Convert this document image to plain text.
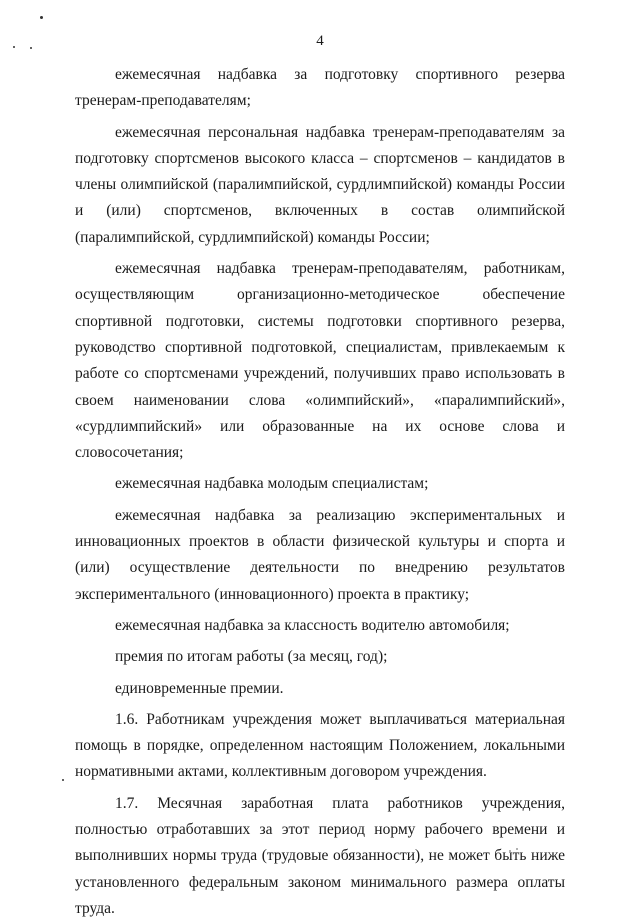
4

ежемесячная надбавка за подготовку спортивного резерва тренерам-преподавателям;

ежемесячная персональная надбавка тренерам-преподавателям за подготовку спортсменов высокого класса – спортсменов – кандидатов в члены олимпийской (паралимпийской, сурдлимпийской) команды России и (или) спортсменов, включенных в состав олимпийской (паралимпийской, сурдлимпийской) команды России;

ежемесячная надбавка тренерам-преподавателям, работникам, осуществляющим организационно-методическое обеспечение спортивной подготовки, системы подготовки спортивного резерва, руководство спортивной подготовкой, специалистам, привлекаемым к работе со спортсменами учреждений, получивших право использовать в своем наименовании слова «олимпийский», «паралимпийский», «сурдлимпийский» или образованные на их основе слова и словосочетания;

ежемесячная надбавка молодым специалистам;

ежемесячная надбавка за реализацию экспериментальных и инновационных проектов в области физической культуры и спорта и (или) осуществление деятельности по внедрению результатов экспериментального (инновационного) проекта в практику;

ежемесячная надбавка за классность водителю автомобиля;

премия по итогам работы (за месяц, год);

единовременные премии.

1.6. Работникам учреждения может выплачиваться материальная помощь в порядке, определенном настоящим Положением, локальными нормативными актами, коллективным договором учреждения.

1.7. Месячная заработная плата работников учреждения, полностью отработавших за этот период норму рабочего времени и выполнивших нормы труда (трудовые обязанности), не может быть ниже установленного федеральным законом минимального размера оплаты труда.
